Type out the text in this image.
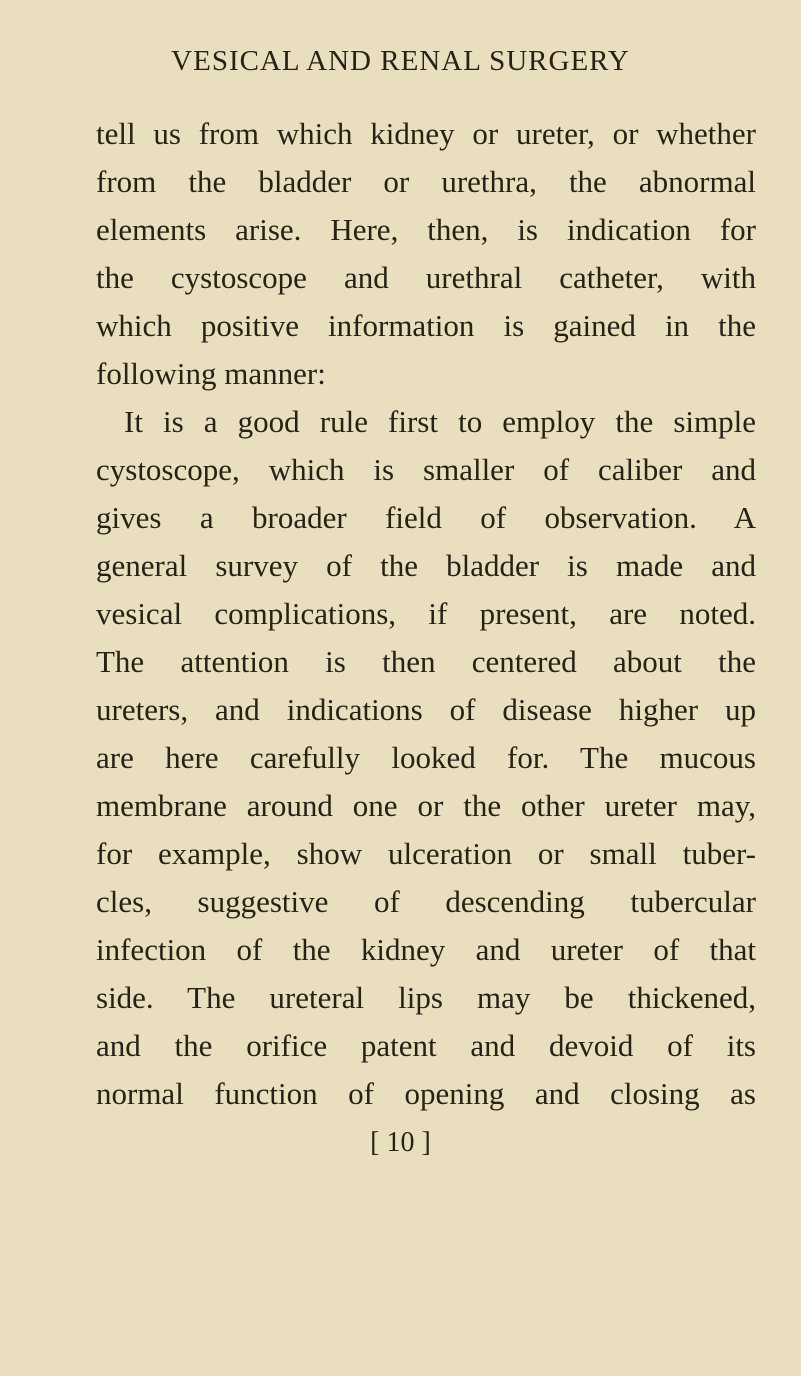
VESICAL AND RENAL SURGERY
tell us from which kidney or ureter, or whether
from the bladder or urethra, the abnormal
elements arise. Here, then, is indication for
the cystoscope and urethral catheter, with
which positive information is gained in the
following manner:
It is a good rule first to employ the simple
cystoscope, which is smaller of caliber and
gives a broader field of observation. A
general survey of the bladder is made and
vesical complications, if present, are noted.
The attention is then centered about the
ureters, and indications of disease higher up
are here carefully looked for. The mucous
membrane around one or the other ureter may,
for example, show ulceration or small tuber-
cles, suggestive of descending tubercular
infection of the kidney and ureter of that
side. The ureteral lips may be thickened,
and the orifice patent and devoid of its
normal function of opening and closing as
[ 10 ]
